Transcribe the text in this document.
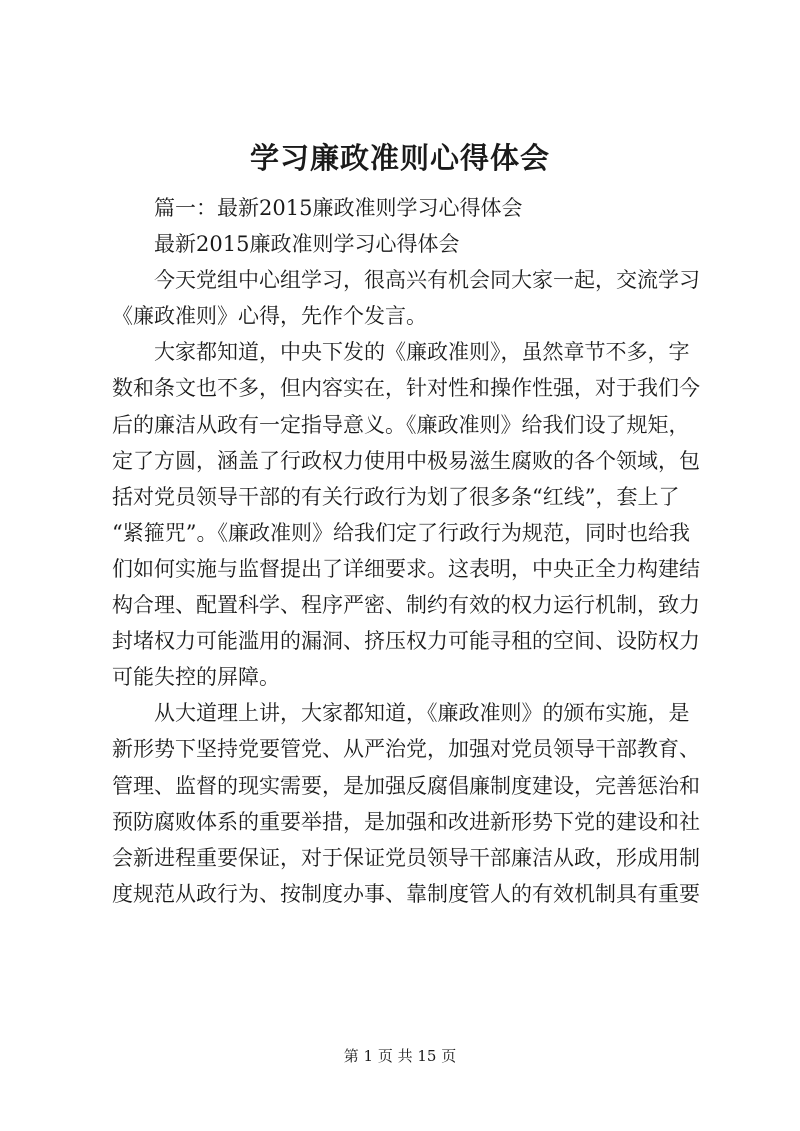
学习廉政准则心得体会
篇一：最新2015廉政准则学习心得体会
最新2015廉政准则学习心得体会
今天党组中心组学习，很高兴有机会同大家一起，交流学习
《廉政准则》心得，先作个发言。
大家都知道，中央下发的《廉政准则》，虽然章节不多，字
数和条文也不多，但内容实在，针对性和操作性强，对于我们今
后的廉洁从政有一定指导意义。《廉政准则》给我们设了规矩，
定了方圆，涵盖了行政权力使用中极易滋生腐败的各个领域，包
括对党员领导干部的有关行政行为划了很多条“红线”，套上了
“紧箍咒”。《廉政准则》给我们定了行政行为规范，同时也给我
们如何实施与监督提出了详细要求。这表明，中央正全力构建结
构合理、配置科学、程序严密、制约有效的权力运行机制，致力
封堵权力可能滥用的漏洞、挤压权力可能寻租的空间、设防权力
可能失控的屏障。
从大道理上讲，大家都知道，《廉政准则》的颁布实施，是
新形势下坚持党要管党、从严治党，加强对党员领导干部教育、
管理、监督的现实需要，是加强反腐倡廉制度建设，完善惩治和
预防腐败体系的重要举措，是加强和改进新形势下党的建设和社
会新进程重要保证，对于保证党员领导干部廉洁从政，形成用制
度规范从政行为、按制度办事、靠制度管人的有效机制具有重要
第 1 页 共 15 页
